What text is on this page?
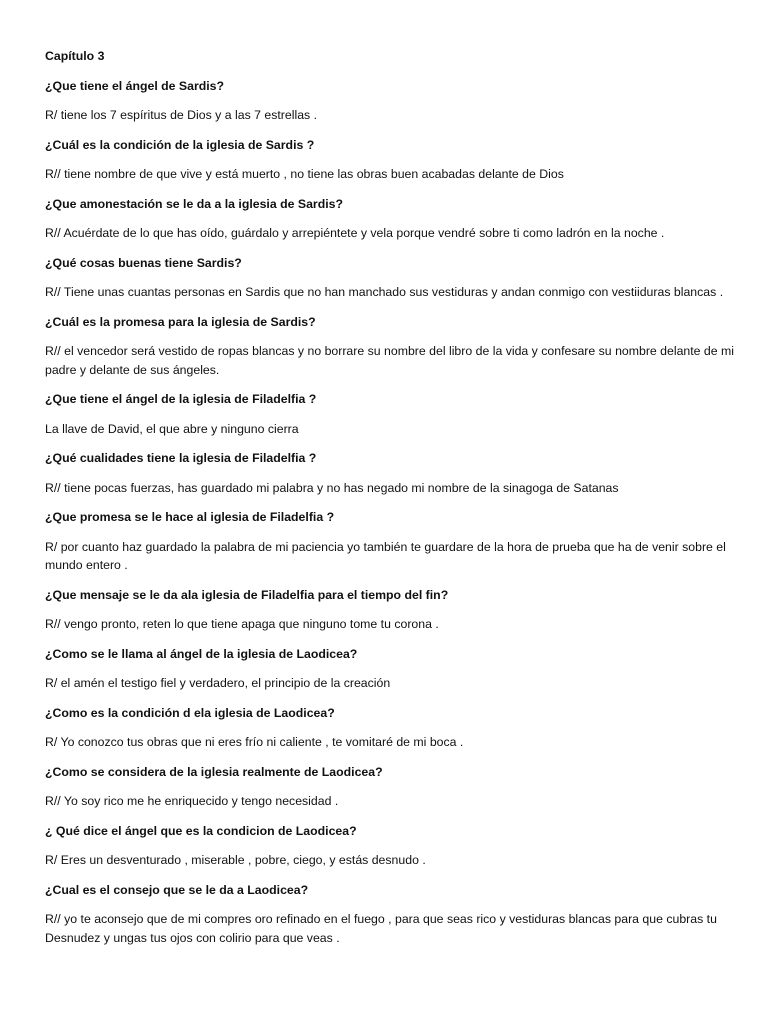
Capítulo 3
¿Que tiene el ángel de Sardis?
R/ tiene los 7 espíritus de Dios y a las 7 estrellas .
¿Cuál es la condición de la iglesia de Sardis ?
R// tiene nombre de que vive y está muerto , no tiene las obras buen acabadas delante de Dios
¿Que amonestación se le da a la iglesia de Sardis?
R// Acuérdate de lo que has oído, guárdalo y arrepiéntete y vela porque vendré sobre ti como ladrón en la noche .
¿Qué cosas buenas tiene Sardis?
R// Tiene unas cuantas personas en Sardis que no han manchado sus vestiduras y andan conmigo con vestiiduras blancas .
¿Cuál es la promesa para la iglesia de Sardis?
R// el vencedor será vestido de ropas blancas y no borrare su nombre del libro de la vida y confesare su nombre delante de mi padre y delante de sus ángeles.
¿Que tiene el ángel de la iglesia de Filadelfia ?
La llave de David, el que abre y ninguno cierra
¿Qué cualidades tiene la iglesia de Filadelfia ?
R// tiene pocas fuerzas, has guardado mi palabra y no has negado mi nombre de la sinagoga de Satanas
¿Que promesa se le hace al iglesia de Filadelfia ?
R/ por cuanto haz guardado la palabra de mi paciencia yo también te guardare de la hora de prueba que ha de venir sobre el mundo entero .
¿Que mensaje se le da ala iglesia de Filadelfia para el tiempo del fin?
R// vengo pronto, reten lo que tiene apaga que ninguno tome tu corona .
¿Como se le llama al ángel de la iglesia de Laodicea?
R/ el amén el testigo fiel y verdadero, el principio de la creación
¿Como es la condición d ela iglesia de Laodicea?
R/ Yo conozco tus obras que ni eres frío ni caliente , te vomitaré de mi boca .
¿Como se considera de la iglesia realmente de Laodicea?
R// Yo soy rico me he enriquecido y tengo necesidad .
¿ Qué dice el ángel que es la condicion de Laodicea?
R/ Eres un desventurado , miserable , pobre, ciego, y estás desnudo .
¿Cual es el consejo que se le da a Laodicea?
R// yo te aconsejo que de mi compres oro refinado en el fuego , para que seas rico y vestiduras blancas para que cubras tu Desnudez y ungas tus ojos con colirio para que veas .
